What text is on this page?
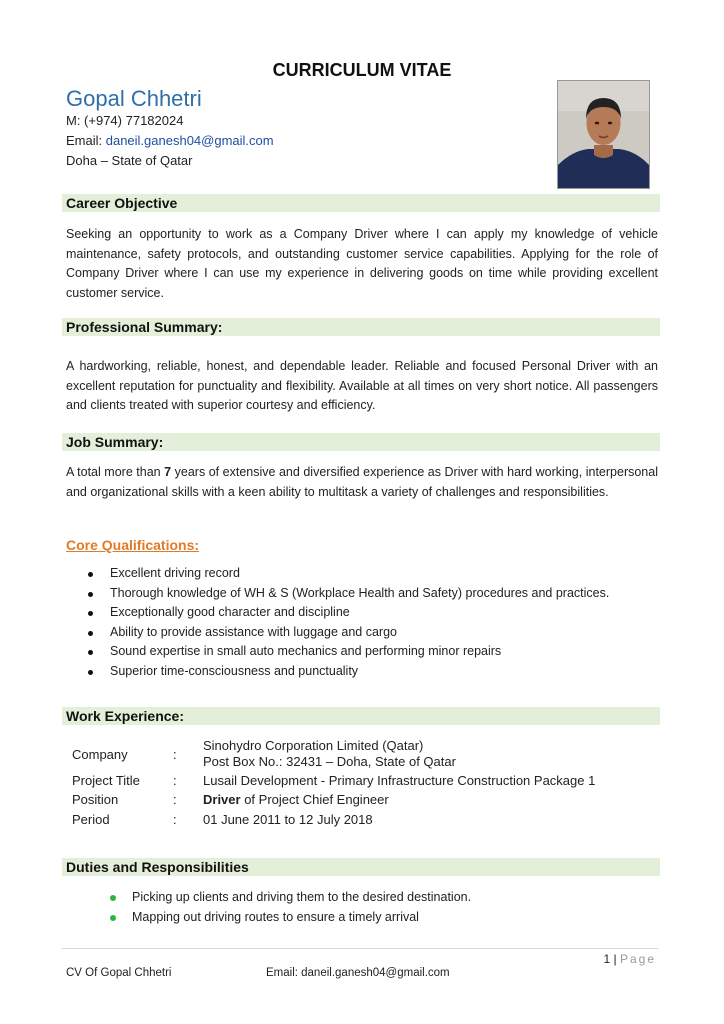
CURRICULUM VITAE
Gopal Chhetri
M: (+974) 77182024
Email: daneil.ganesh04@gmail.com
Doha – State of Qatar
Career Objective
Seeking an opportunity to work as a Company Driver where I can apply my knowledge of vehicle maintenance, safety protocols, and outstanding customer service capabilities. Applying for the role of Company Driver where I can use my experience in delivering goods on time while providing excellent customer service.
Professional Summary:
A hardworking, reliable, honest, and dependable leader. Reliable and focused Personal Driver with an excellent reputation for punctuality and flexibility. Available at all times on very short notice. All passengers and clients treated with superior courtesy and efficiency.
Job Summary:
A total more than 7 years of extensive and diversified experience as Driver with hard working, interpersonal and organizational skills with a keen ability to multitask a variety of challenges and responsibilities.
Core Qualifications:
Excellent driving record
Thorough knowledge of WH & S (Workplace Health and Safety) procedures and practices.
Exceptionally good character and discipline
Ability to provide assistance with luggage and cargo
Sound expertise in small auto mechanics and performing minor repairs
Superior time-consciousness and punctuality
Work Experience:
Company	:
Sinohydro Corporation Limited (Qatar)
Post Box No.: 32431 – Doha, State of Qatar
Project Title	: Lusail Development - Primary Infrastructure Construction Package 1
Position	: Driver of Project Chief Engineer
Period	: 01 June 2011 to 12 July 2018
Duties and Responsibilities
Picking up clients and driving them to the desired destination.
Mapping out driving routes to ensure a timely arrival
1 | Page
CV Of Gopal Chhetri	Email: daneil.ganesh04@gmail.com
